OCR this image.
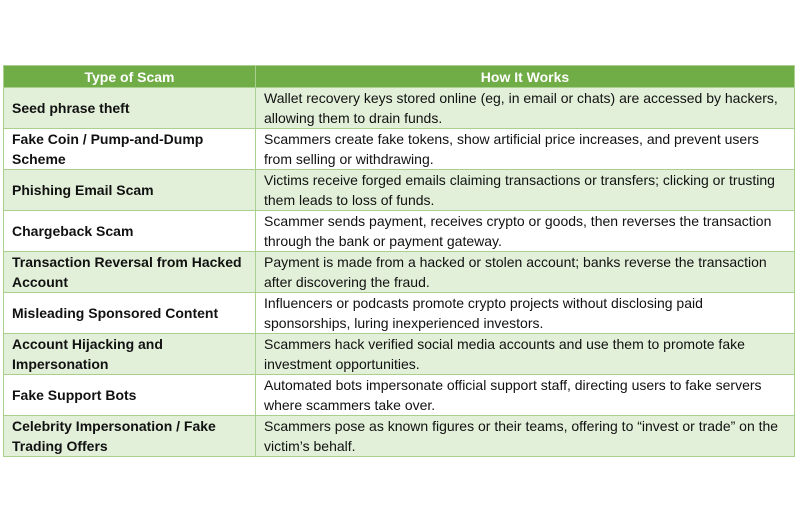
Type of Scam	How It Works
Seed phrase theft	Wallet recovery keys stored online (eg, in email or chats) are accessed by hackers, allowing them to drain funds.
Fake Coin / Pump-and-Dump Scheme	Scammers create fake tokens, show artificial price increases, and prevent users from selling or withdrawing.
Phishing Email Scam	Victims receive forged emails claiming transactions or transfers; clicking or trusting them leads to loss of funds.
Chargeback Scam	Scammer sends payment, receives crypto or goods, then reverses the transaction through the bank or payment gateway.
Transaction Reversal from Hacked Account	Payment is made from a hacked or stolen account; banks reverse the transaction after discovering the fraud.
Misleading Sponsored Content	Influencers or podcasts promote crypto projects without disclosing paid sponsorships, luring inexperienced investors.
Account Hijacking and Impersonation	Scammers hack verified social media accounts and use them to promote fake investment opportunities.
Fake Support Bots	Automated bots impersonate official support staff, directing users to fake servers where scammers take over.
Celebrity Impersonation / Fake Trading Offers	Scammers pose as known figures or their teams, offering to “invest or trade” on the victim’s behalf.
